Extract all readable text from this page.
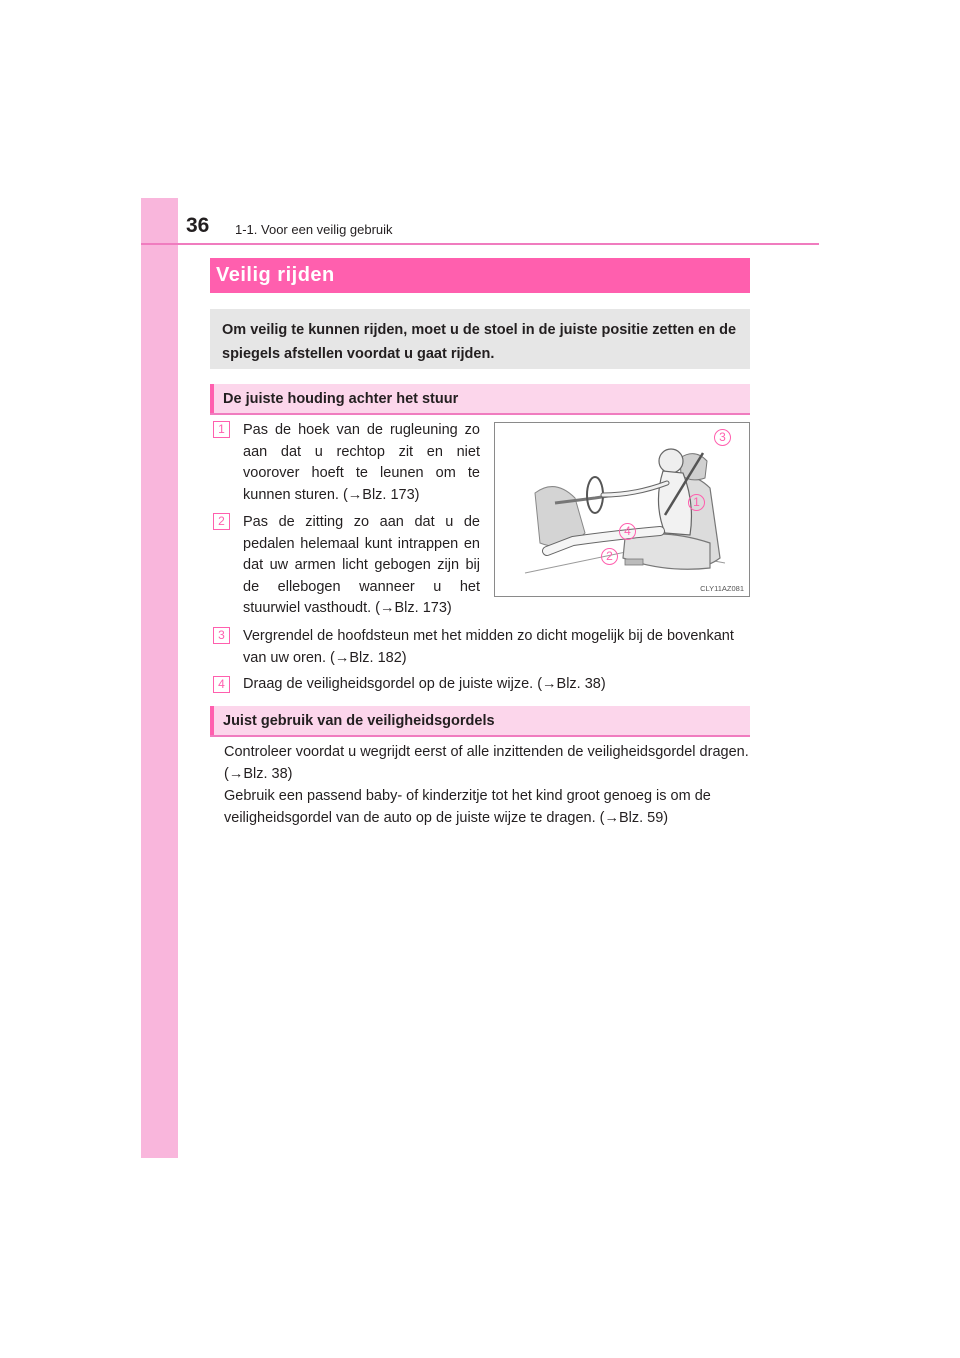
36 1-1. Voor een veilig gebruik
Veilig rijden
Om veilig te kunnen rijden, moet u de stoel in de juiste positie zetten en de spiegels afstellen voordat u gaat rijden.
De juiste houding achter het stuur
1	Pas de hoek van de rugleuning zo aan dat u rechtop zit en niet voorover hoeft te leunen om te kunnen sturen. (→Blz. 173)
2	Pas de zitting zo aan dat u de pedalen helemaal kunt intrappen en dat uw armen licht gebogen zijn bij de ellebogen wanneer u het stuurwiel vasthoudt. (→Blz. 173)
3
1
4
2
CLY11AZ081
3	Vergrendel de hoofdsteun met het midden zo dicht mogelijk bij de bovenkant van uw oren. (→Blz. 182)
4	Draag de veiligheidsgordel op de juiste wijze. (→Blz. 38)
Juist gebruik van de veiligheidsgordels
Controleer voordat u wegrijdt eerst of alle inzittenden de veiligheidsgordel dragen. (→Blz. 38)
Gebruik een passend baby- of kinderzitje tot het kind groot genoeg is om de veiligheidsgordel van de auto op de juiste wijze te dragen. (→Blz. 59)
